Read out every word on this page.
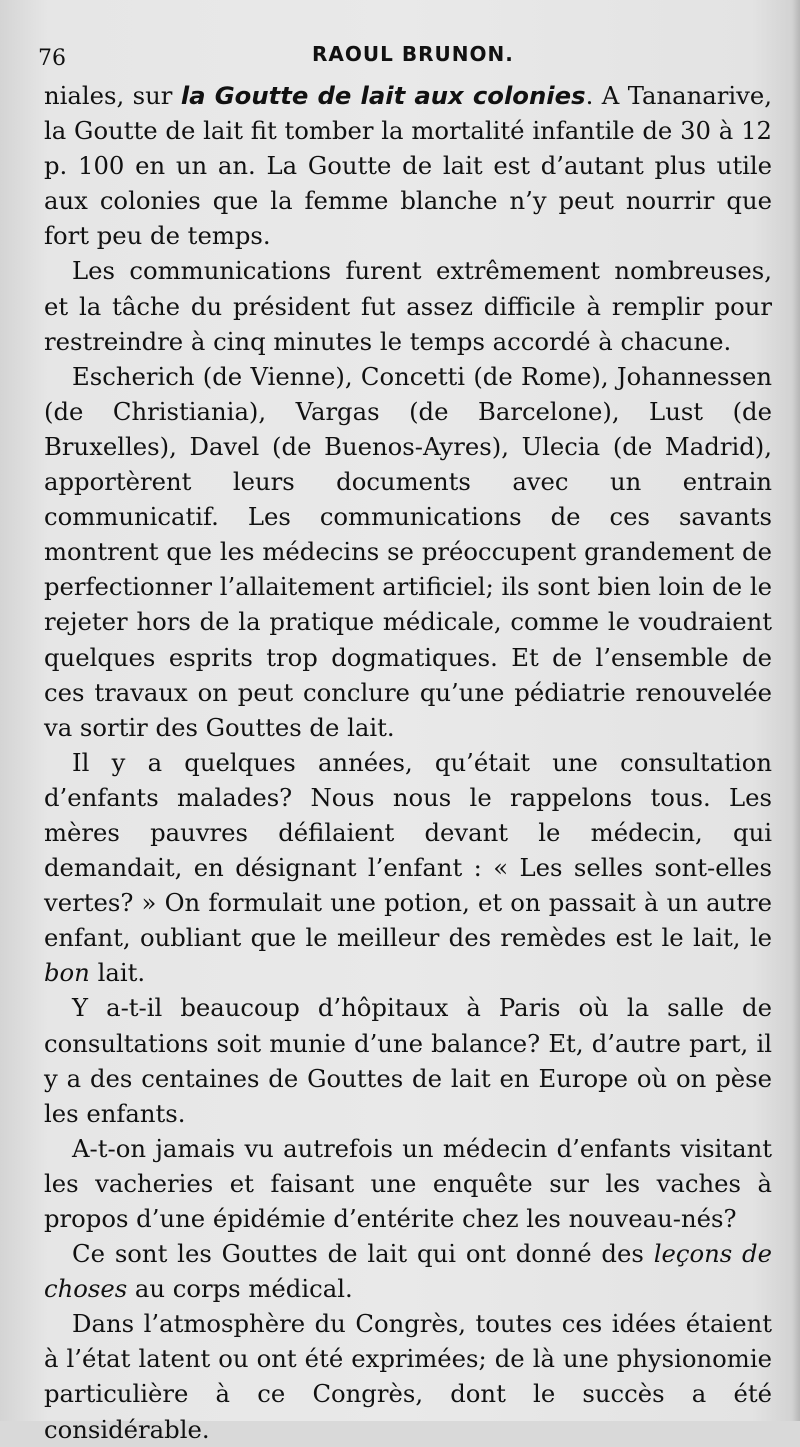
76	RAOUL BRUNON.

niales, sur la Goutte de lait aux colonies. A Tananarive, la Goutte de lait fit tomber la mortalité infantile de 30 à 12 p. 100 en un an. La Goutte de lait est d’autant plus utile aux colonies que la femme blanche n’y peut nourrir que fort peu de temps.

Les communications furent extrêmement nombreuses, et la tâche du président fut assez difficile à remplir pour restreindre à cinq minutes le temps accordé à chacune.

Escherich (de Vienne), Concetti (de Rome), Johannessen (de Christiania), Vargas (de Barcelone), Lust (de Bruxelles), Davel (de Buenos-Ayres), Ulecia (de Madrid), apportèrent leurs documents avec un entrain communicatif. Les communications de ces savants montrent que les médecins se préoccupent grandement de perfectionner l’allaitement artificiel; ils sont bien loin de le rejeter hors de la pratique médicale, comme le voudraient quelques esprits trop dogmatiques. Et de l’ensemble de ces travaux on peut conclure qu’une pédiatrie renouvelée va sortir des Gouttes de lait.

Il y a quelques années, qu’était une consultation d’enfants malades? Nous nous le rappelons tous. Les mères pauvres défilaient devant le médecin, qui demandait, en désignant l’enfant : « Les selles sont-elles vertes? » On formulait une potion, et on passait à un autre enfant, oubliant que le meilleur des remèdes est le lait, le bon lait.

Y a-t-il beaucoup d’hôpitaux à Paris où la salle de consultations soit munie d’une balance? Et, d’autre part, il y a des centaines de Gouttes de lait en Europe où on pèse les enfants.

A-t-on jamais vu autrefois un médecin d’enfants visitant les vacheries et faisant une enquête sur les vaches à propos d’une épidémie d’entérite chez les nouveau-nés?

Ce sont les Gouttes de lait qui ont donné des leçons de choses au corps médical.

Dans l’atmosphère du Congrès, toutes ces idées étaient à l’état latent ou ont été exprimées; de là une physionomie particulière à ce Congrès, dont le succès a été considérable.
